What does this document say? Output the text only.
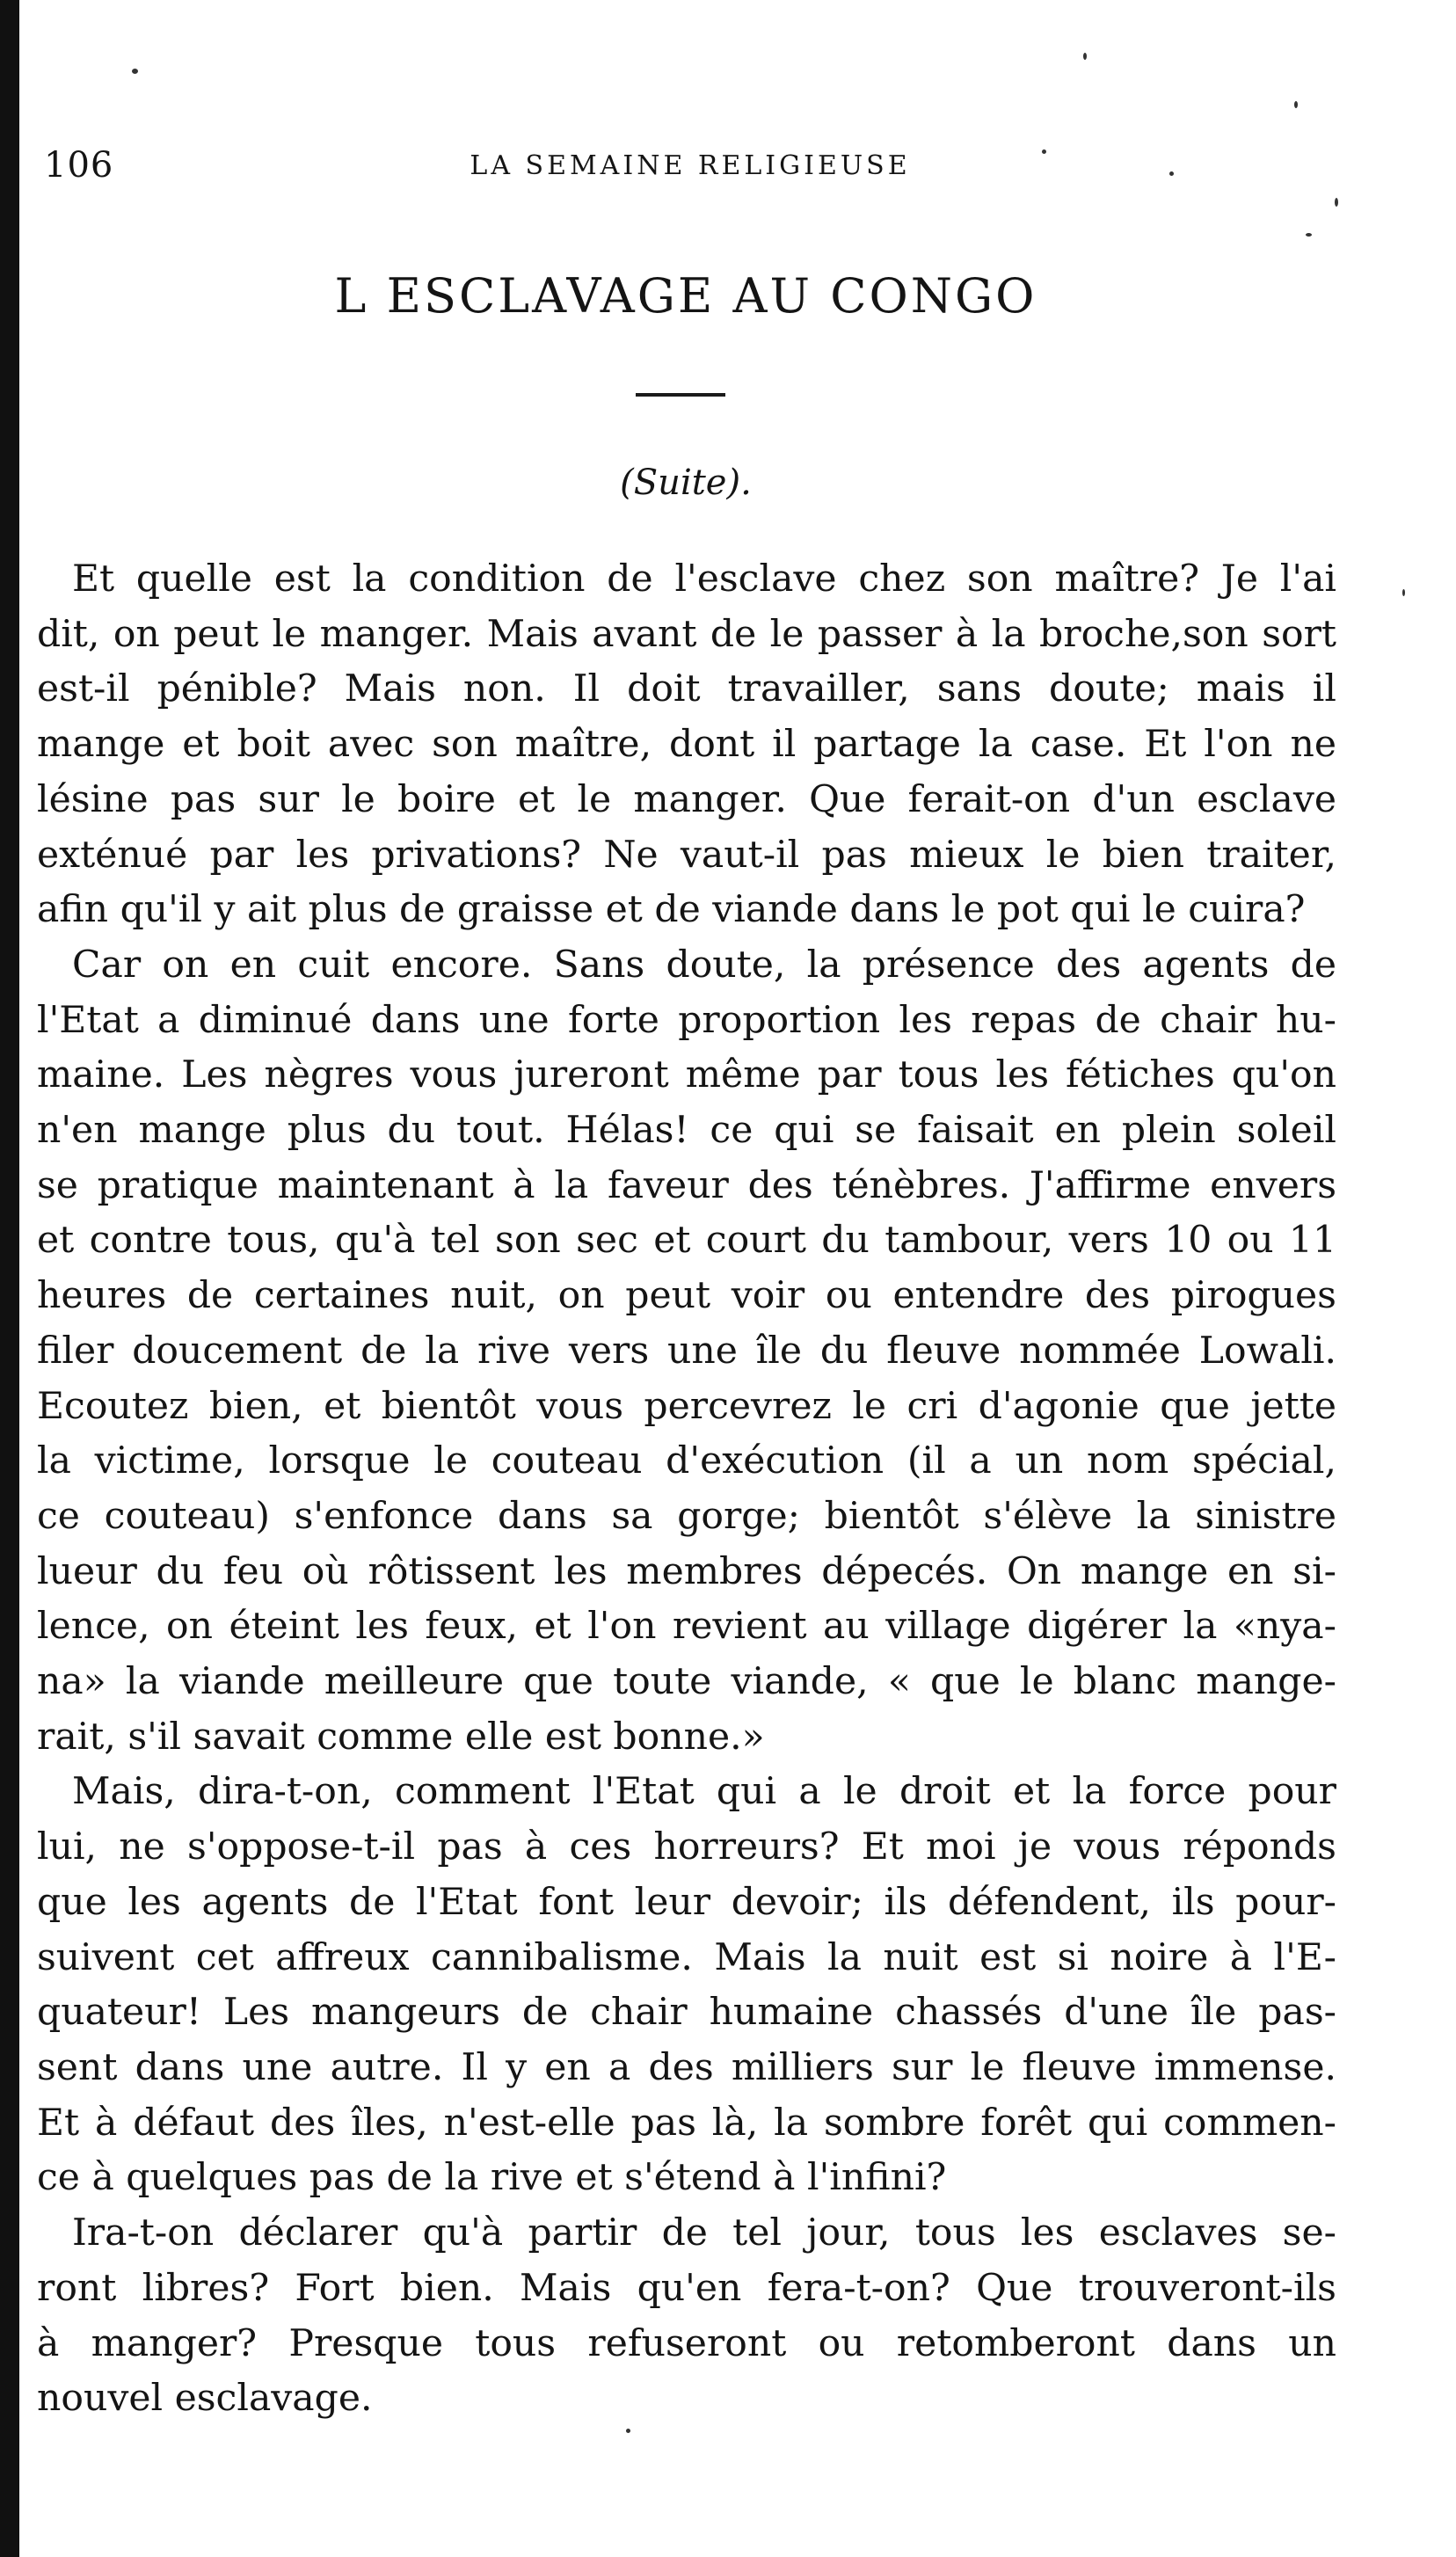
106	LA SEMAINE RELIGIEUSE
L ESCLAVAGE AU CONGO
(Suite).
Et quelle est la condition de l'esclave chez son maître? Je l'ai
dit, on peut le manger. Mais avant de le passer à la broche,son sort
est-il pénible? Mais non. Il doit travailler, sans doute; mais il
mange et boit avec son maître, dont il partage la case. Et l'on ne
lésine pas sur le boire et le manger. Que ferait-on d'un esclave
exténué par les privations? Ne vaut-il pas mieux le bien traiter,
afin qu'il y ait plus de graisse et de viande dans le pot qui le cuira?
Car on en cuit encore. Sans doute, la présence des agents de
l'Etat a diminué dans une forte proportion les repas de chair hu-
maine. Les nègres vous jureront même par tous les fétiches qu'on
n'en mange plus du tout. Hélas! ce qui se faisait en plein soleil
se pratique maintenant à la faveur des ténèbres. J'affirme envers
et contre tous, qu'à tel son sec et court du tambour, vers 10 ou 11
heures de certaines nuit, on peut voir ou entendre des pirogues
filer doucement de la rive vers une île du fleuve nommée Lowali.
Ecoutez bien, et bientôt vous percevrez le cri d'agonie que jette
la victime, lorsque le couteau d'exécution (il a un nom spécial,
ce couteau) s'enfonce dans sa gorge; bientôt s'élève la sinistre
lueur du feu où rôtissent les membres dépecés. On mange en si-
lence, on éteint les feux, et l'on revient au village digérer la «nya-
na» la viande meilleure que toute viande, « que le blanc mange-
rait, s'il savait comme elle est bonne.»
Mais, dira-t-on, comment l'Etat qui a le droit et la force pour
lui, ne s'oppose-t-il pas à ces horreurs? Et moi je vous réponds
que les agents de l'Etat font leur devoir; ils défendent, ils pour-
suivent cet affreux cannibalisme. Mais la nuit est si noire à l'E-
quateur! Les mangeurs de chair humaine chassés d'une île pas-
sent dans une autre. Il y en a des milliers sur le fleuve immense.
Et à défaut des îles, n'est-elle pas là, la sombre forêt qui commen-
ce à quelques pas de la rive et s'étend à l'infini?
Ira-t-on déclarer qu'à partir de tel jour, tous les esclaves se-
ront libres? Fort bien. Mais qu'en fera-t-on? Que trouveront-ils
à manger? Presque tous refuseront ou retomberont dans un
nouvel esclavage.
